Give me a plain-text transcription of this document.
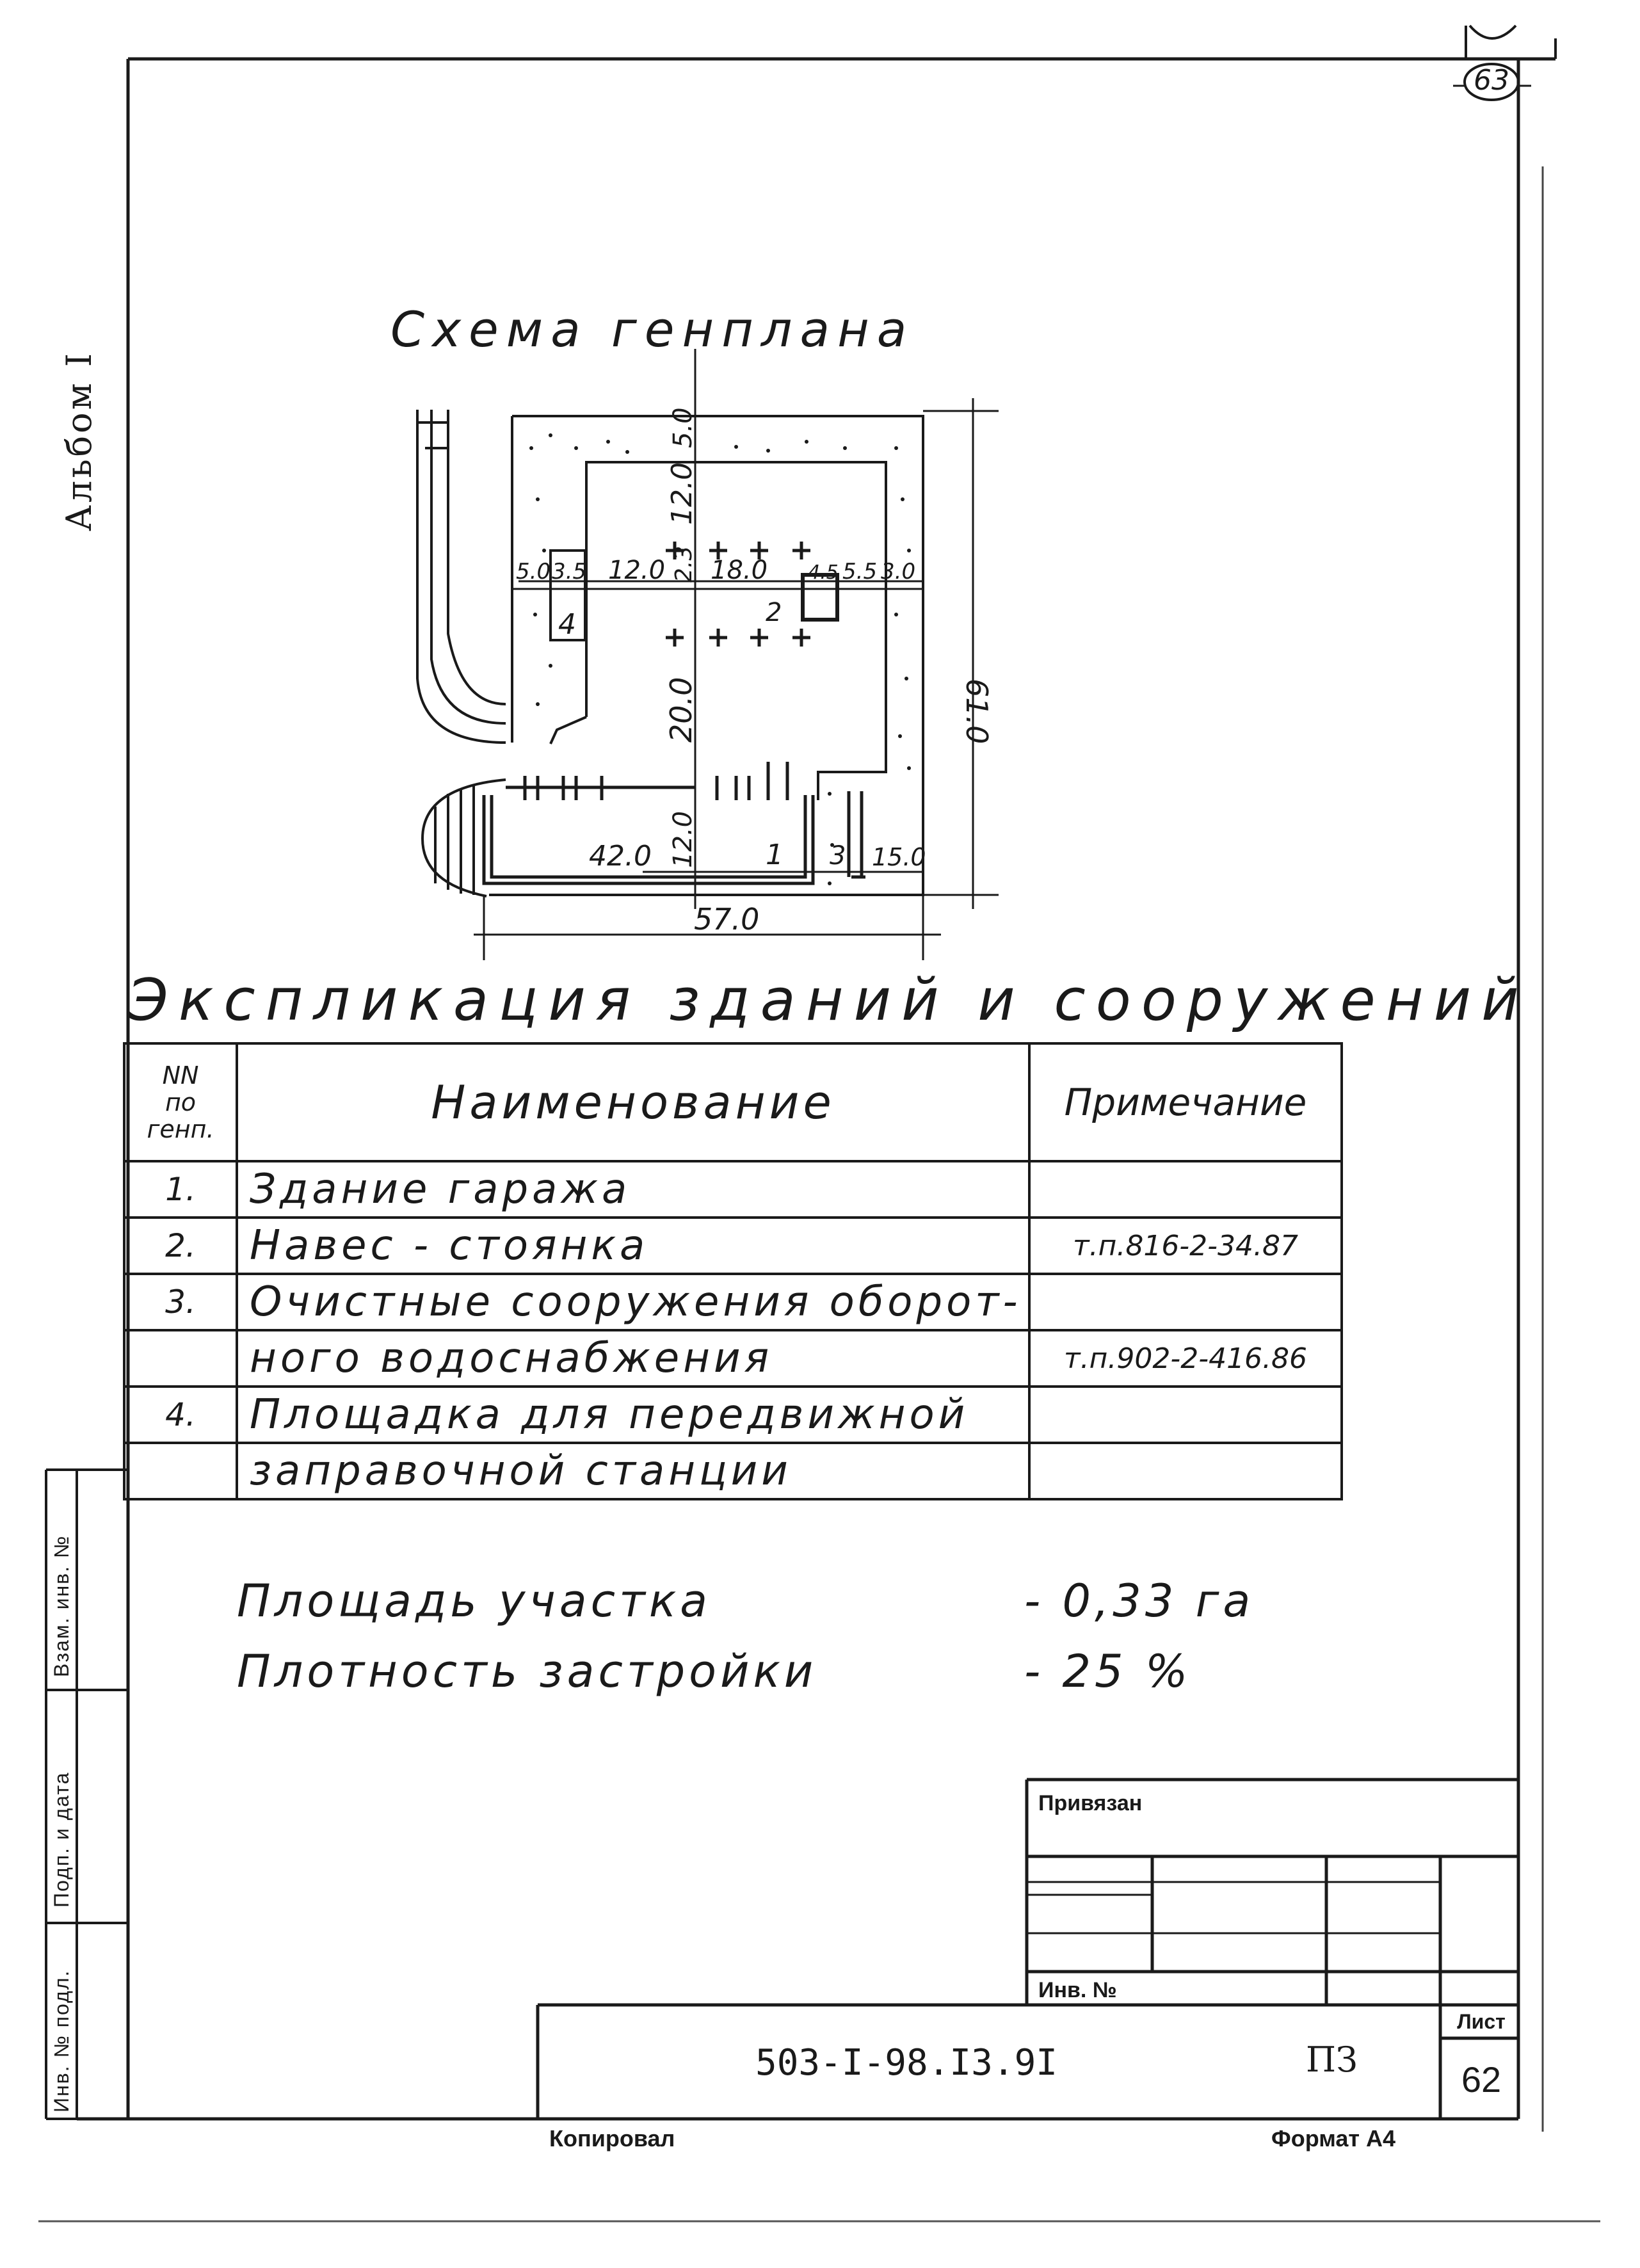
63
Альбом I
Схема генплана
5.0
12.0
2.3
5.0 3.5 12.0 18.0 4.5 5.5 3.0
20.0	61.0
42.0 12.0	15.0
57.0
1
2
3
4
Экспликация зданий и сооружений
NN
по
генп.	Наименование	Примечание
1.	Здание гаража	
2.	Навес - стоянка	т.п.816-2-34.87
3.	Очистные сооружения оборот-	
	ного водоснабжения	т.п.902-2-416.86
4.	Площадка для передвижной	
	заправочной станции	
Площадь участка	- 0,33 га
Плотность застройки	- 25 %
Взам. инв. №
Подп. и дата
Инв. № подл.
Привязан
Инв. №
503-I-98.I3.9I	ПЗ
Лист
62
Копировал	Формат А4
